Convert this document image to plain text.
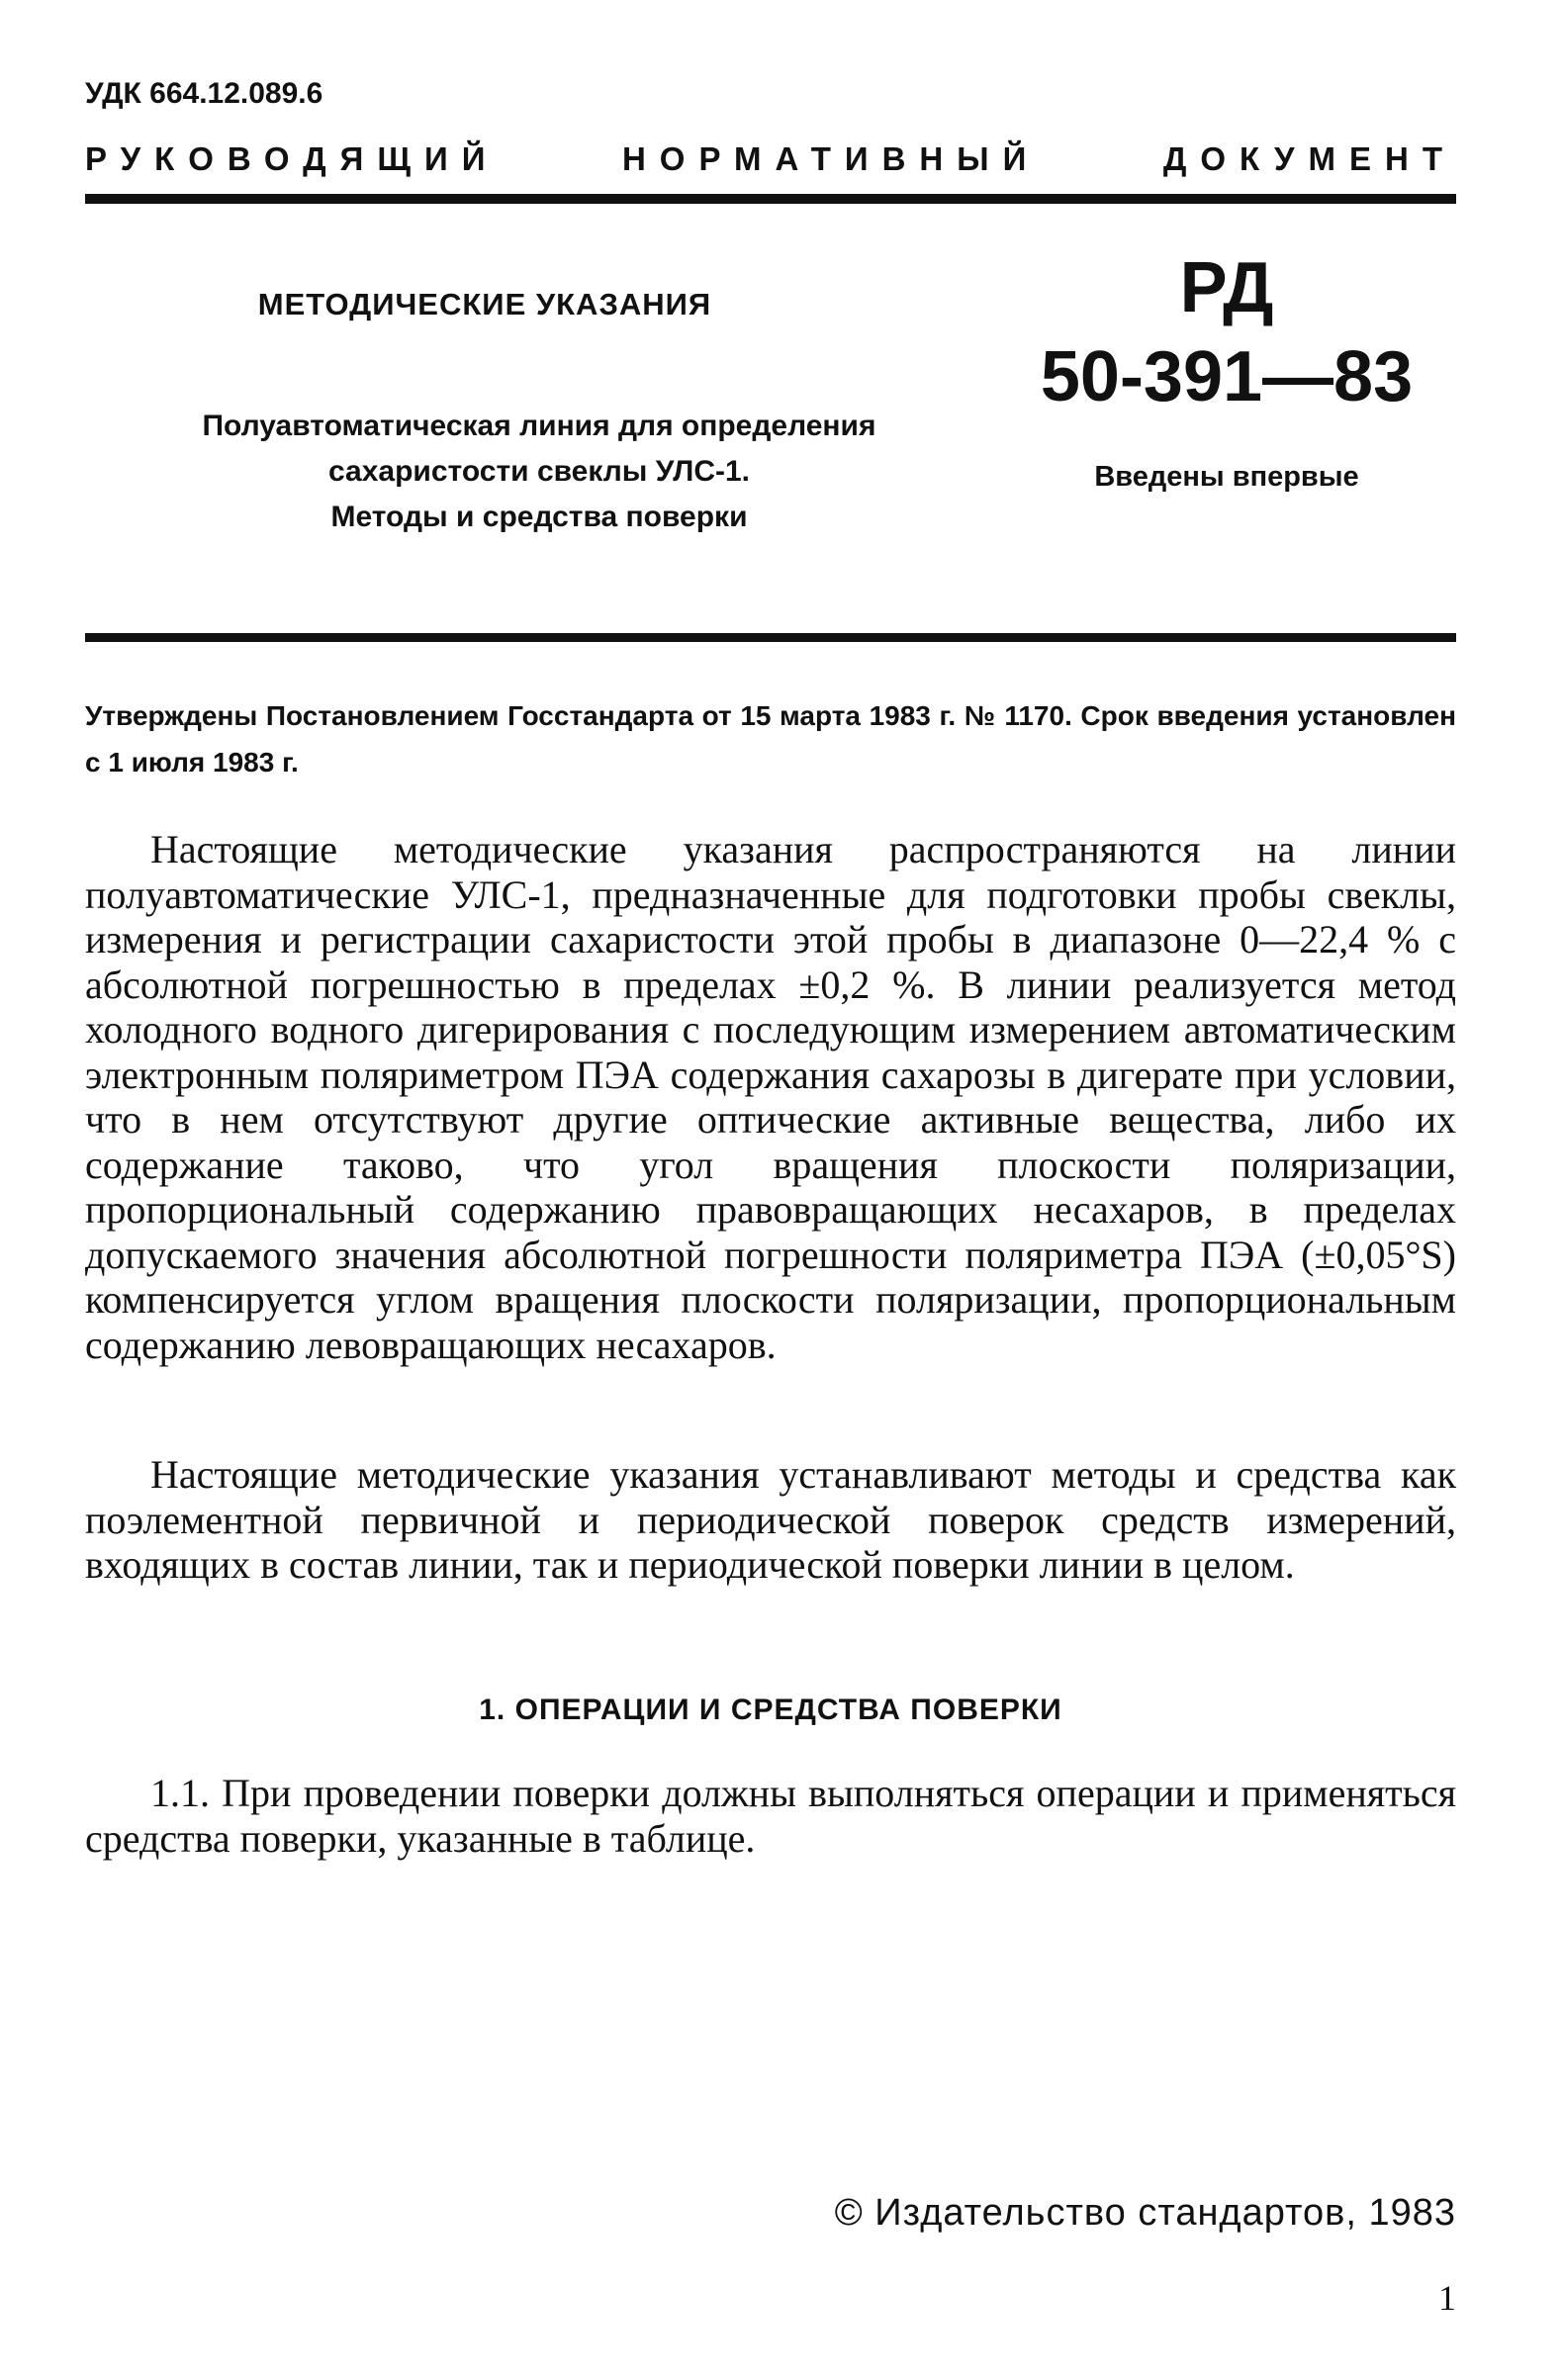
УДК 664.12.089.6
РУКОВОДЯЩИЙ	НОРМАТИВНЫЙ	ДОКУМЕНТ
МЕТОДИЧЕСКИЕ УКАЗАНИЯ	РД
50-391—83
Полуавтоматическая линия для определения
сахаристости свеклы УЛС-1.
Методы и средства поверки
Введены впервые
Утверждены Постановлением Госстандарта от 15 марта 1983 г. № 1170. Срок введения установлен с 1 июля 1983 г.
Настоящие методические указания распространяются на линии полуавтоматические УЛС-1, предназначенные для подготовки пробы свеклы, измерения и регистрации сахаристости этой пробы в диапазоне 0—22,4 % с абсолютной погрешностью в пределах ±0,2 %. В линии реализуется метод холодного водного дигерирования с последующим измерением автоматическим электронным поляриметром ПЭА содержания сахарозы в дигерате при условии, что в нем отсутствуют другие оптические активные вещества, либо их содержание таково, что угол вращения плоскости поляризации, пропорциональный содержанию правовращающих несахаров, в пределах допускаемого значения абсолютной погрешности поляриметра ПЭА (±0,05°S) компенсируется углом вращения плоскости поляризации, пропорциональным содержанию левовращающих несахаров.
Настоящие методические указания устанавливают методы и средства как поэлементной первичной и периодической поверок средств измерений, входящих в состав линии, так и периодической поверки линии в целом.
1. ОПЕРАЦИИ И СРЕДСТВА ПОВЕРКИ
1.1. При проведении поверки должны выполняться операции и применяться средства поверки, указанные в таблице.
© Издательство стандартов, 1983
1
